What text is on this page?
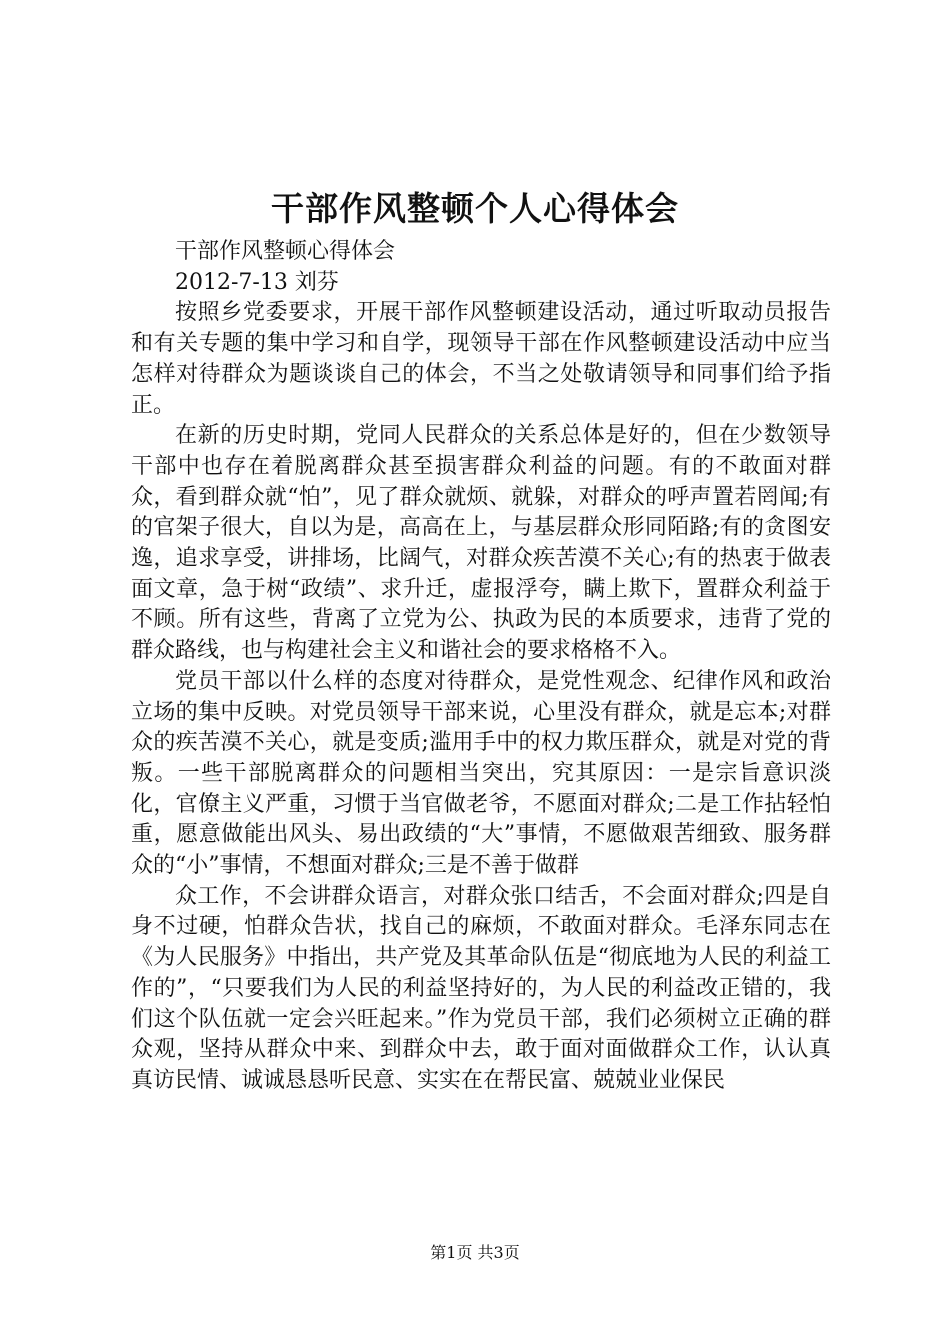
干部作风整顿个人心得体会

干部作风整顿心得体会

2012-7-13 刘芬

按照乡党委要求，开展干部作风整顿建设活动，通过听取动员报告和有关专题的集中学习和自学，现领导干部在作风整顿建设活动中应当怎样对待群众为题谈谈自己的体会，不当之处敬请领导和同事们给予指正。

在新的历史时期，党同人民群众的关系总体是好的，但在少数领导干部中也存在着脱离群众甚至损害群众利益的问题。有的不敢面对群众，看到群众就“怕”，见了群众就烦、就躲，对群众的呼声置若罔闻;有的官架子很大，自以为是，高高在上，与基层群众形同陌路;有的贪图安逸，追求享受，讲排场，比阔气，对群众疾苦漠不关心;有的热衷于做表面文章，急于树“政绩”、求升迁，虚报浮夸，瞒上欺下，置群众利益于不顾。所有这些，背离了立党为公、执政为民的本质要求，违背了党的群众路线，也与构建社会主义和谐社会的要求格格不入。

党员干部以什么样的态度对待群众，是党性观念、纪律作风和政治立场的集中反映。对党员领导干部来说，心里没有群众，就是忘本;对群众的疾苦漠不关心，就是变质;滥用手中的权力欺压群众，就是对党的背叛。一些干部脱离群众的问题相当突出，究其原因：一是宗旨意识淡化，官僚主义严重，习惯于当官做老爷，不愿面对群众;二是工作拈轻怕重，愿意做能出风头、易出政绩的“大”事情，不愿做艰苦细致、服务群众的“小”事情，不想面对群众;三是不善于做群

众工作，不会讲群众语言，对群众张口结舌，不会面对群众;四是自身不过硬，怕群众告状，找自己的麻烦，不敢面对群众。毛泽东同志在《为人民服务》中指出，共产党及其革命队伍是“彻底地为人民的利益工作的”，“只要我们为人民的利益坚持好的，为人民的利益改正错的，我们这个队伍就一定会兴旺起来。”作为党员干部，我们必须树立正确的群众观，坚持从群众中来、到群众中去，敢于面对面做群众工作，认认真真访民情、诚诚恳恳听民意、实实在在帮民富、兢兢业业保民

第1页 共3页
